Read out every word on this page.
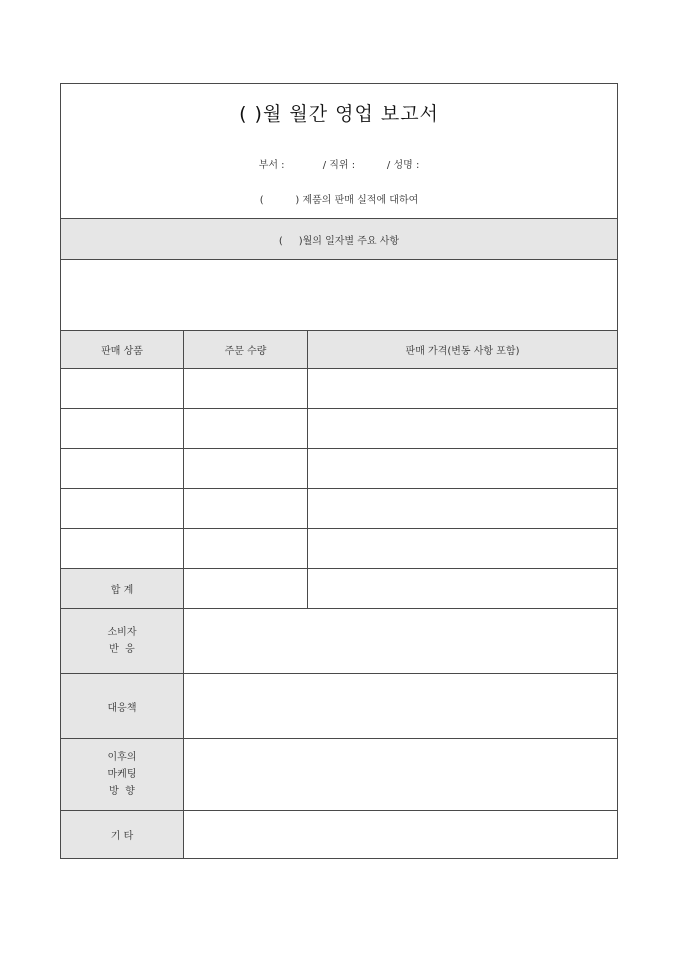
( )월 월간 영업 보고서
부서 :            / 직위 :          / 성명 :
(          ) 제품의 판매 실적에 대하여		

(     )월의 일자별 주요 사항		

판매 상품	주문 수량	판매 가격(변동 사항 포함)

합 계		

소비자
반  응		

대응책		

이후의
마케팅
방  향		

기 타		
